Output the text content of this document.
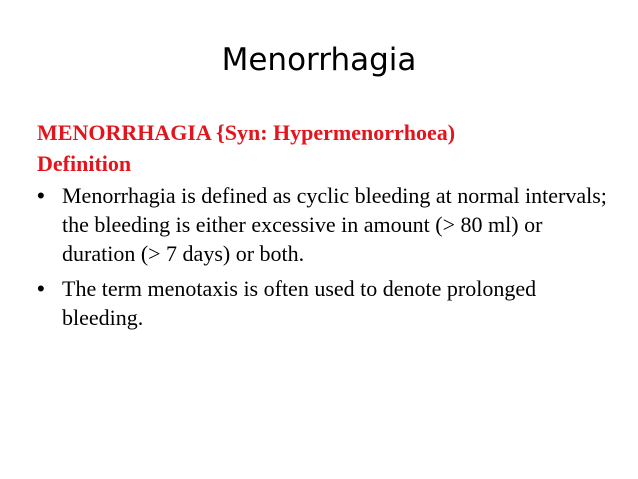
Menorrhagia
MENORRHAGIA {Syn: Hypermenorrhoea)
Definition
• Menorrhagia is defined as cyclic bleeding at normal intervals; the bleeding is either excessive in amount (> 80 ml) or duration (> 7 days) or both.
• The term menotaxis is often used to denote prolonged bleeding.
